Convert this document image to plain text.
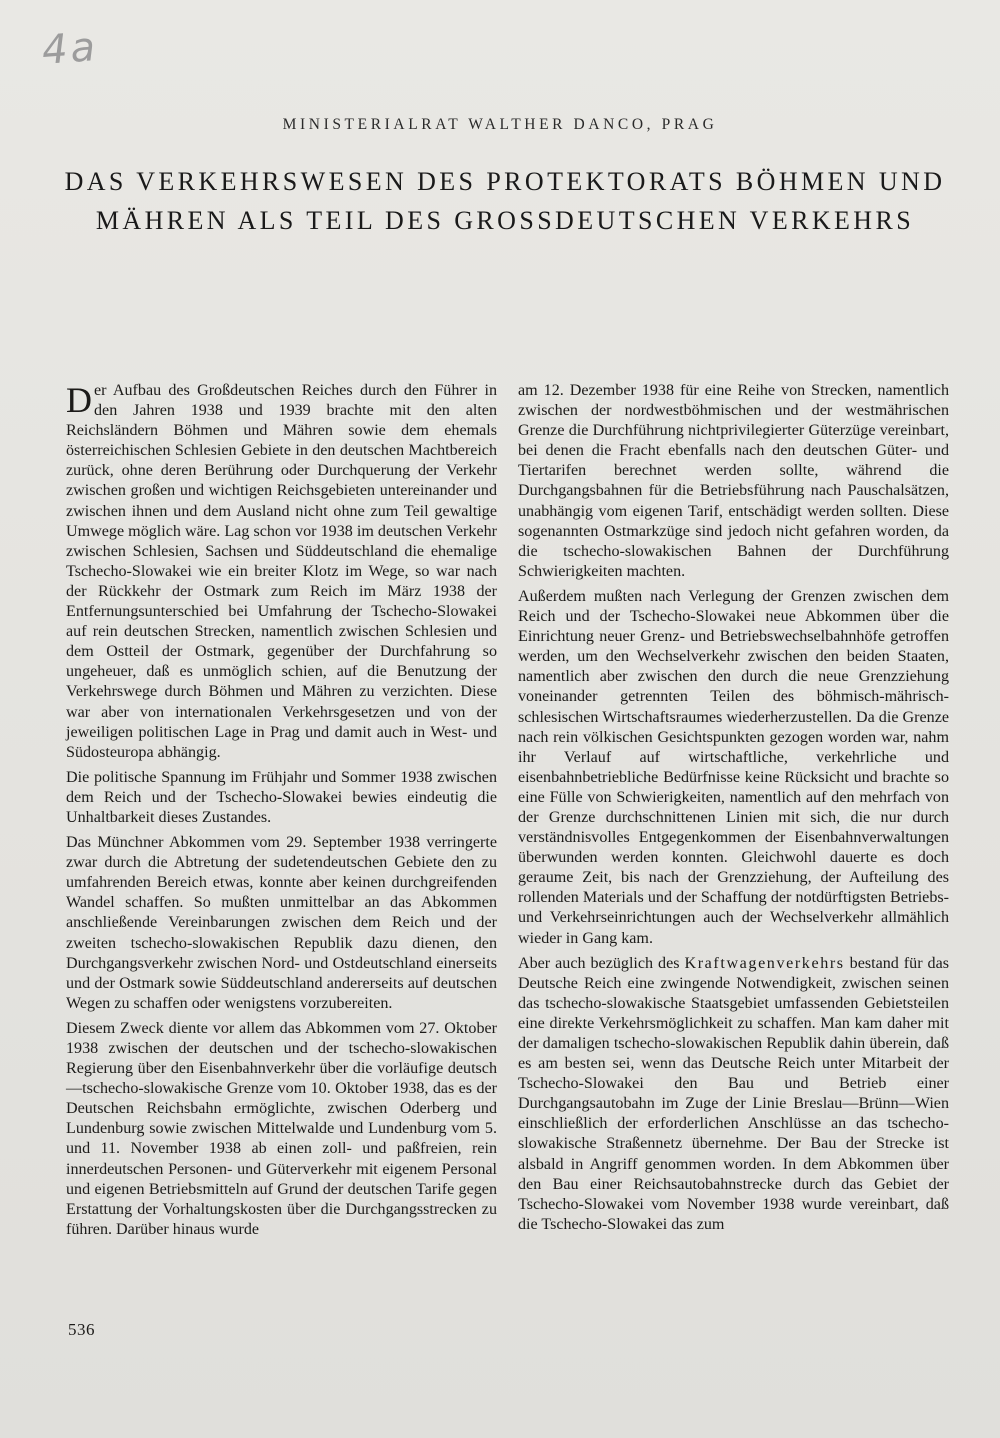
4a
MINISTERIALRAT WALTHER DANCO, PRAG
DAS VERKEHRSWESEN DES PROTEKTORATS BÖHMEN UND
MÄHREN ALS TEIL DES GROSSDEUTSCHEN VERKEHRS

Der Aufbau des Großdeutschen Reiches durch den Führer in den Jahren 1938 und 1939 brachte mit den alten Reichsländern Böhmen und Mähren sowie dem ehemals österreichischen Schlesien Gebiete in den deutschen Machtbereich zurück, ohne deren Berührung oder Durchquerung der Verkehr zwischen großen und wichtigen Reichsgebieten untereinander und zwischen ihnen und dem Ausland nicht ohne zum Teil gewaltige Umwege möglich wäre. Lag schon vor 1938 im deutschen Verkehr zwischen Schlesien, Sachsen und Süddeutschland die ehemalige Tschecho-Slowakei wie ein breiter Klotz im Wege, so war nach der Rückkehr der Ostmark zum Reich im März 1938 der Entfernungsunterschied bei Umfahrung der Tschecho-Slowakei auf rein deutschen Strecken, namentlich zwischen Schlesien und dem Ostteil der Ostmark, gegenüber der Durchfahrung so ungeheuer, daß es unmöglich schien, auf die Benutzung der Verkehrswege durch Böhmen und Mähren zu verzichten. Diese war aber von internationalen Verkehrsgesetzen und von der jeweiligen politischen Lage in Prag und damit auch in West- und Südosteuropa abhängig.

Die politische Spannung im Frühjahr und Sommer 1938 zwischen dem Reich und der Tschecho-Slowakei bewies eindeutig die Unhaltbarkeit dieses Zustandes.

Das Münchner Abkommen vom 29. September 1938 verringerte zwar durch die Abtretung der sudetendeutschen Gebiete den zu umfahrenden Bereich etwas, konnte aber keinen durchgreifenden Wandel schaffen. So mußten unmittelbar an das Abkommen anschließende Vereinbarungen zwischen dem Reich und der zweiten tschecho-slowakischen Republik dazu dienen, den Durchgangsverkehr zwischen Nord- und Ostdeutschland einerseits und der Ostmark sowie Süddeutschland andererseits auf deutschen Wegen zu schaffen oder wenigstens vorzubereiten.

Diesem Zweck diente vor allem das Abkommen vom 27. Oktober 1938 zwischen der deutschen und der tschecho-slowakischen Regierung über den Eisenbahnverkehr über die vorläufige deutsch—tschecho-slowakische Grenze vom 10. Oktober 1938, das es der Deutschen Reichsbahn ermöglichte, zwischen Oderberg und Lundenburg sowie zwischen Mittelwalde und Lundenburg vom 5. und 11. November 1938 ab einen zoll- und paßfreien, rein innerdeutschen Personen- und Güterverkehr mit eigenem Personal und eigenen Betriebsmitteln auf Grund der deutschen Tarife gegen Erstattung der Vorhaltungskosten über die Durchgangsstrecken zu führen. Darüber hinaus wurde

am 12. Dezember 1938 für eine Reihe von Strecken, namentlich zwischen der nordwestböhmischen und der westmährischen Grenze die Durchführung nichtprivilegierter Güterzüge vereinbart, bei denen die Fracht ebenfalls nach den deutschen Güter- und Tiertarifen berechnet werden sollte, während die Durchgangsbahnen für die Betriebsführung nach Pauschalsätzen, unabhängig vom eigenen Tarif, entschädigt werden sollten. Diese sogenannten Ostmarkzüge sind jedoch nicht gefahren worden, da die tschecho-slowakischen Bahnen der Durchführung Schwierigkeiten machten.

Außerdem mußten nach Verlegung der Grenzen zwischen dem Reich und der Tschecho-Slowakei neue Abkommen über die Einrichtung neuer Grenz- und Betriebswechselbahnhöfe getroffen werden, um den Wechselverkehr zwischen den beiden Staaten, namentlich aber zwischen den durch die neue Grenzziehung voneinander getrennten Teilen des böhmisch-mährisch-schlesischen Wirtschaftsraumes wiederherzustellen. Da die Grenze nach rein völkischen Gesichtspunkten gezogen worden war, nahm ihr Verlauf auf wirtschaftliche, verkehrliche und eisenbahnbetriebliche Bedürfnisse keine Rücksicht und brachte so eine Fülle von Schwierigkeiten, namentlich auf den mehrfach von der Grenze durchschnittenen Linien mit sich, die nur durch verständnisvolles Entgegenkommen der Eisenbahnverwaltungen überwunden werden konnten. Gleichwohl dauerte es doch geraume Zeit, bis nach der Grenzziehung, der Aufteilung des rollenden Materials und der Schaffung der notdürftigsten Betriebs- und Verkehrseinrichtungen auch der Wechselverkehr allmählich wieder in Gang kam.

Aber auch bezüglich des Kraftwagenverkehrs bestand für das Deutsche Reich eine zwingende Notwendigkeit, zwischen seinen das tschecho-slowakische Staatsgebiet umfassenden Gebietsteilen eine direkte Verkehrsmöglichkeit zu schaffen. Man kam daher mit der damaligen tschecho-slowakischen Republik dahin überein, daß es am besten sei, wenn das Deutsche Reich unter Mitarbeit der Tschecho-Slowakei den Bau und Betrieb einer Durchgangsautobahn im Zuge der Linie Breslau—Brünn—Wien einschließlich der erforderlichen Anschlüsse an das tschecho-slowakische Straßennetz übernehme. Der Bau der Strecke ist alsbald in Angriff genommen worden. In dem Abkommen über den Bau einer Reichsautobahnstrecke durch das Gebiet der Tschecho-Slowakei vom November 1938 wurde vereinbart, daß die Tschecho-Slowakei das zum

536
